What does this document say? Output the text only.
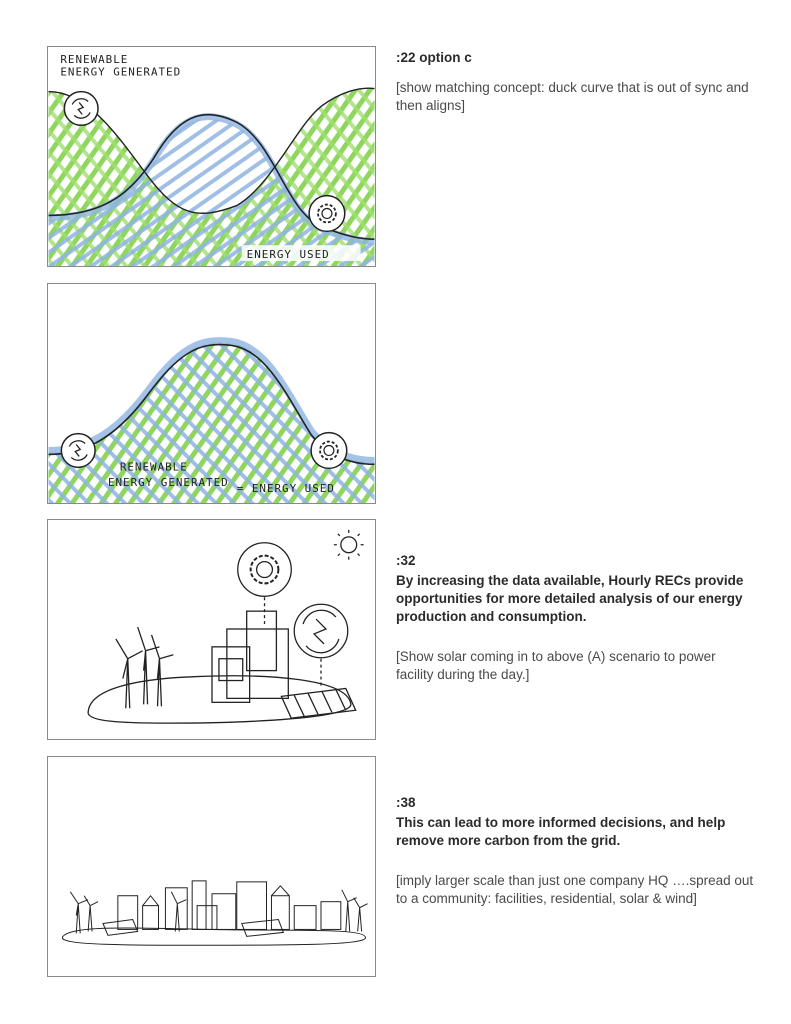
RENEWABLE
ENERGY GENERATED
ENERGY USED
RENEWABLE
ENERGY GENERATED = ENERGY USED
:22 option c
[show matching concept: duck curve that is out of sync and then aligns]
:32
By increasing the data available, Hourly RECs provide opportunities for more detailed analysis of our energy production and consumption.
[Show solar coming in to above (A) scenario to power facility during the day.]
:38
This can lead to more informed decisions, and help remove more carbon from the grid.
[imply larger scale than just one company HQ ….spread out to a community: facilities, residential, solar & wind]
